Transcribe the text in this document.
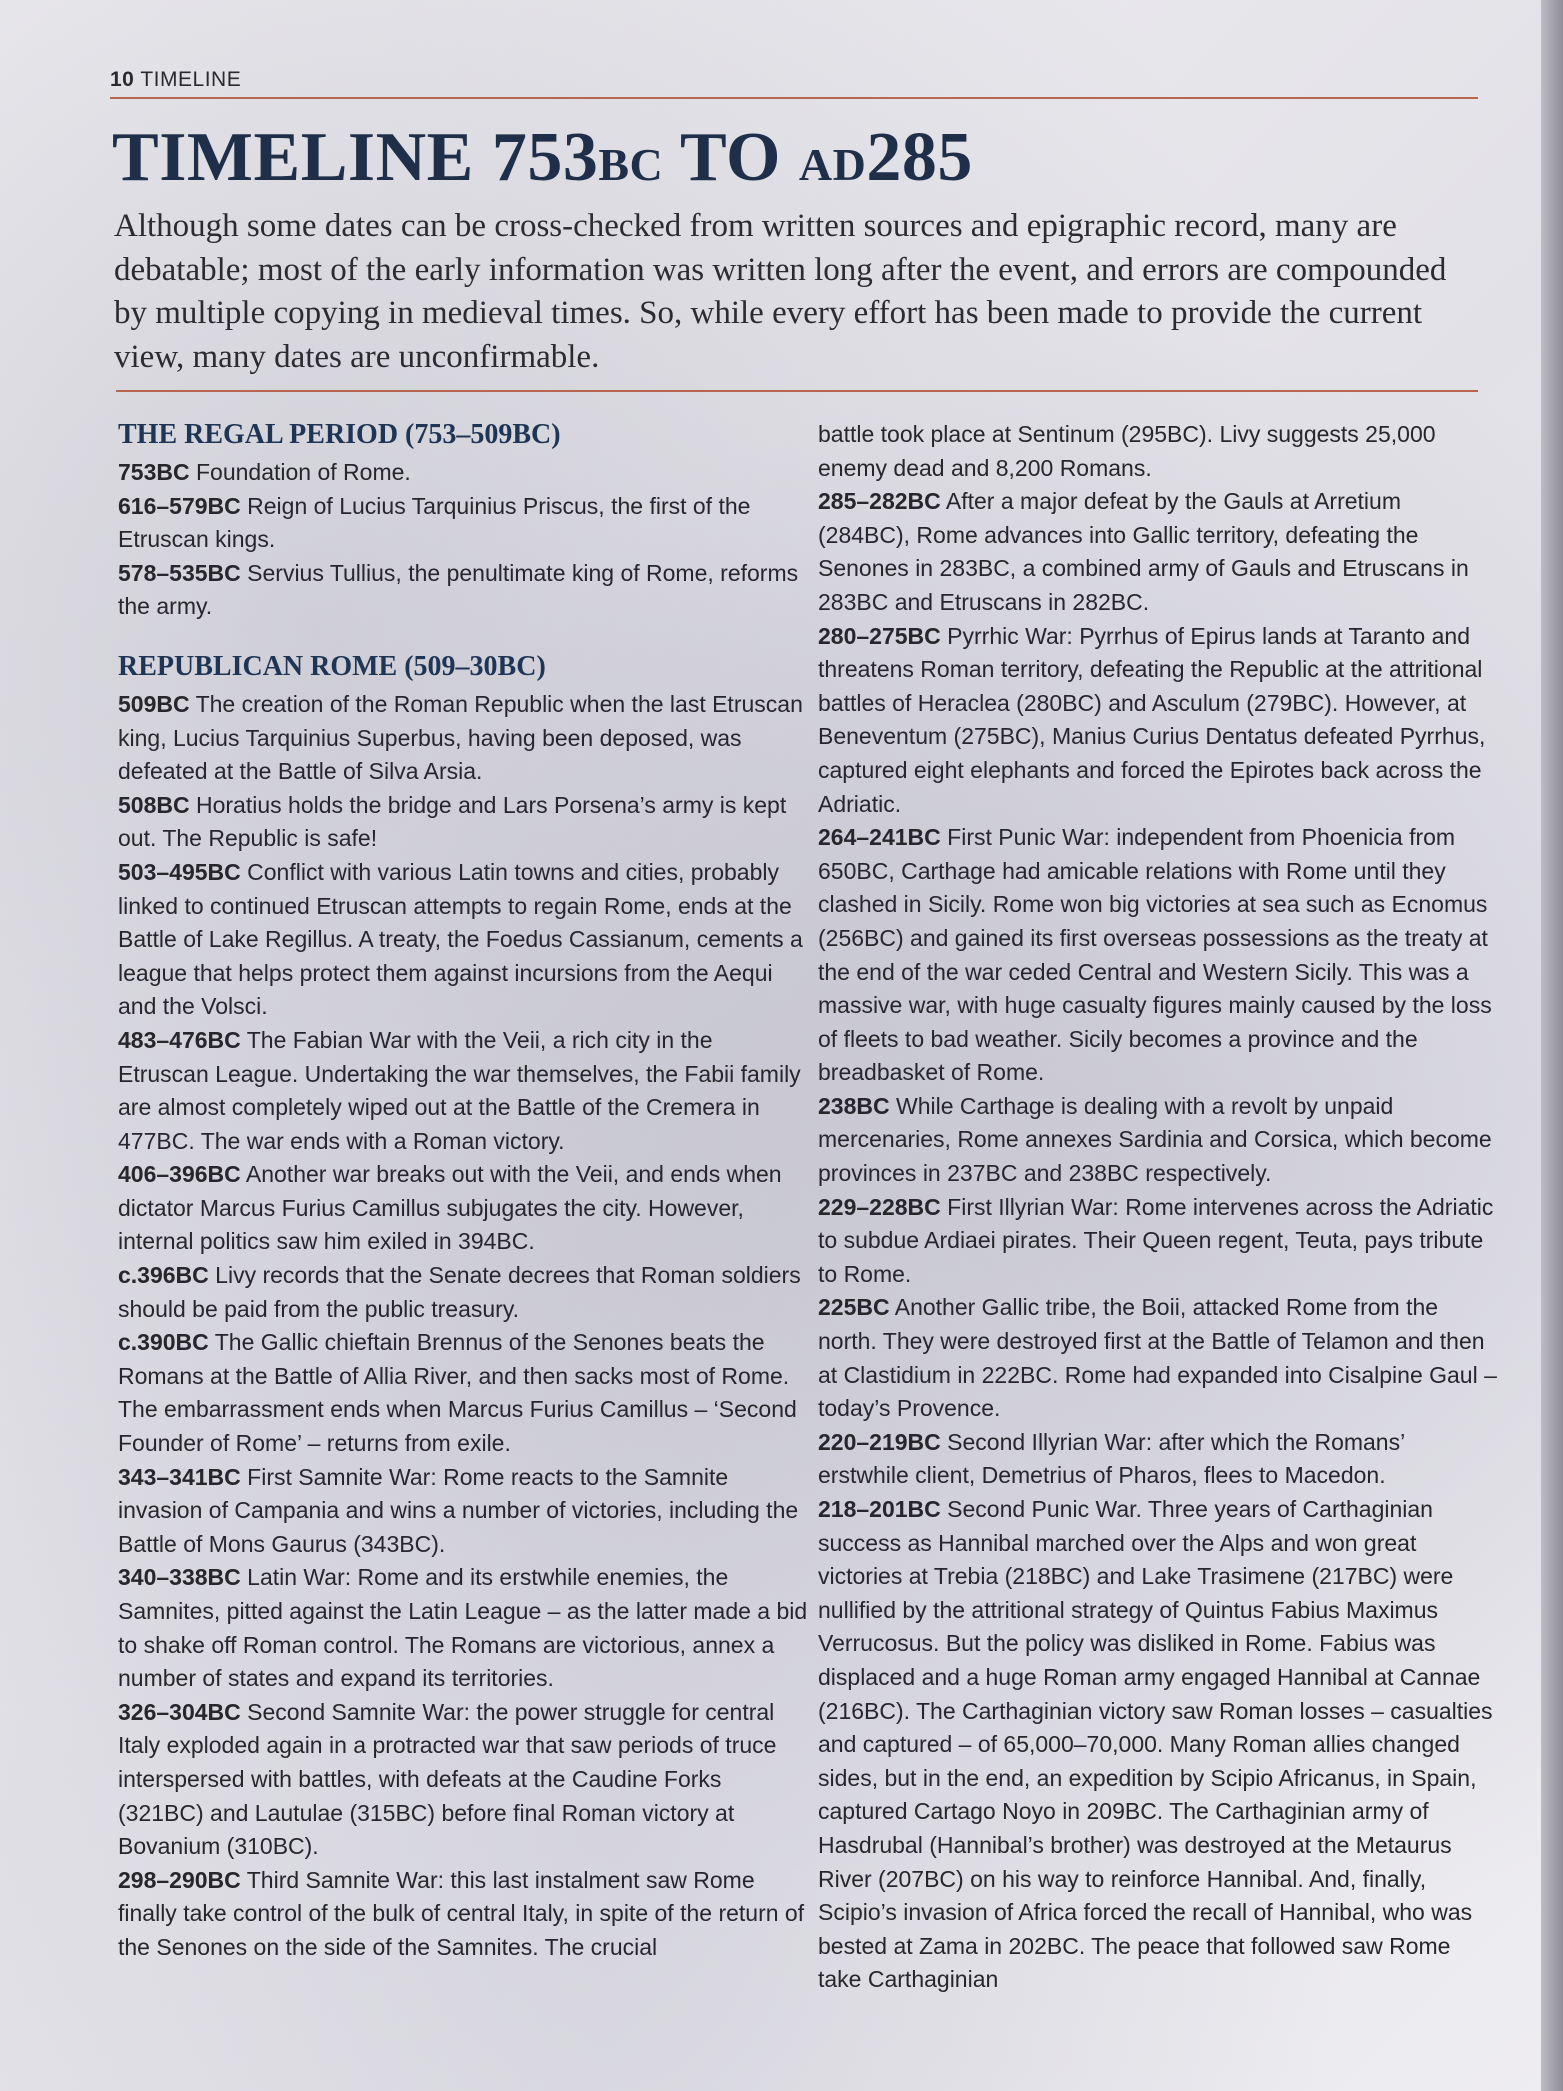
10 TIMELINE
TIMELINE 753BC TO AD285

Although some dates can be cross-checked from written sources and epigraphic record, many are debatable; most of the early information was written long after the event, and errors are compounded by multiple copying in medieval times. So, while every effort has been made to provide the current view, many dates are unconfirmable.

THE REGAL PERIOD (753–509BC)

753BC Foundation of Rome.

616–579BC Reign of Lucius Tarquinius Priscus, the first of the Etruscan kings.

578–535BC Servius Tullius, the penultimate king of Rome, reforms the army.

REPUBLICAN ROME (509–30BC)

509BC The creation of the Roman Republic when the last Etruscan king, Lucius Tarquinius Superbus, having been deposed, was defeated at the Battle of Silva Arsia.

508BC Horatius holds the bridge and Lars Porsena’s army is kept out. The Republic is safe!

503–495BC Conflict with various Latin towns and cities, probably linked to continued Etruscan attempts to regain Rome, ends at the Battle of Lake Regillus. A treaty, the Foedus Cassianum, cements a league that helps protect them against incursions from the Aequi and the Volsci.

483–476BC The Fabian War with the Veii, a rich city in the Etruscan League. Undertaking the war themselves, the Fabii family are almost completely wiped out at the Battle of the Cremera in 477BC. The war ends with a Roman victory.

406–396BC Another war breaks out with the Veii, and ends when dictator Marcus Furius Camillus subjugates the city. However, internal politics saw him exiled in 394BC.

c.396BC Livy records that the Senate decrees that Roman soldiers should be paid from the public treasury.

c.390BC The Gallic chieftain Brennus of the Senones beats the Romans at the Battle of Allia River, and then sacks most of Rome. The embarrassment ends when Marcus Furius Camillus – ‘Second Founder of Rome’ – returns from exile.

343–341BC First Samnite War: Rome reacts to the Samnite invasion of Campania and wins a number of victories, including the Battle of Mons Gaurus (343BC).

340–338BC Latin War: Rome and its erstwhile enemies, the Samnites, pitted against the Latin League – as the latter made a bid to shake off Roman control. The Romans are victorious, annex a number of states and expand its territories.

326–304BC Second Samnite War: the power struggle for central Italy exploded again in a protracted war that saw periods of truce interspersed with battles, with defeats at the Caudine Forks (321BC) and Lautulae (315BC) before final Roman victory at Bovanium (310BC).

298–290BC Third Samnite War: this last instalment saw Rome finally take control of the bulk of central Italy, in spite of the return of the Senones on the side of the Samnites. The crucial

battle took place at Sentinum (295BC). Livy suggests 25,000 enemy dead and 8,200 Romans.

285–282BC After a major defeat by the Gauls at Arretium (284BC), Rome advances into Gallic territory, defeating the Senones in 283BC, a combined army of Gauls and Etruscans in 283BC and Etruscans in 282BC.

280–275BC Pyrrhic War: Pyrrhus of Epirus lands at Taranto and threatens Roman territory, defeating the Republic at the attritional battles of Heraclea (280BC) and Asculum (279BC). However, at Beneventum (275BC), Manius Curius Dentatus defeated Pyrrhus, captured eight elephants and forced the Epirotes back across the Adriatic.

264–241BC First Punic War: independent from Phoenicia from 650BC, Carthage had amicable relations with Rome until they clashed in Sicily. Rome won big victories at sea such as Ecnomus (256BC) and gained its first overseas possessions as the treaty at the end of the war ceded Central and Western Sicily. This was a massive war, with huge casualty figures mainly caused by the loss of fleets to bad weather. Sicily becomes a province and the breadbasket of Rome.

238BC While Carthage is dealing with a revolt by unpaid mercenaries, Rome annexes Sardinia and Corsica, which become provinces in 237BC and 238BC respectively.

229–228BC First Illyrian War: Rome intervenes across the Adriatic to subdue Ardiaei pirates. Their Queen regent, Teuta, pays tribute to Rome.

225BC Another Gallic tribe, the Boii, attacked Rome from the north. They were destroyed first at the Battle of Telamon and then at Clastidium in 222BC. Rome had expanded into Cisalpine Gaul – today’s Provence.

220–219BC Second Illyrian War: after which the Romans’ erstwhile client, Demetrius of Pharos, flees to Macedon.

218–201BC Second Punic War. Three years of Carthaginian success as Hannibal marched over the Alps and won great victories at Trebia (218BC) and Lake Trasimene (217BC) were nullified by the attritional strategy of Quintus Fabius Maximus Verrucosus. But the policy was disliked in Rome. Fabius was displaced and a huge Roman army engaged Hannibal at Cannae (216BC). The Carthaginian victory saw Roman losses – casualties and captured – of 65,000–70,000. Many Roman allies changed sides, but in the end, an expedition by Scipio Africanus, in Spain, captured Cartago Noyo in 209BC. The Carthaginian army of Hasdrubal (Hannibal’s brother) was destroyed at the Metaurus River (207BC) on his way to reinforce Hannibal. And, finally, Scipio’s invasion of Africa forced the recall of Hannibal, who was bested at Zama in 202BC. The peace that followed saw Rome take Carthaginian
